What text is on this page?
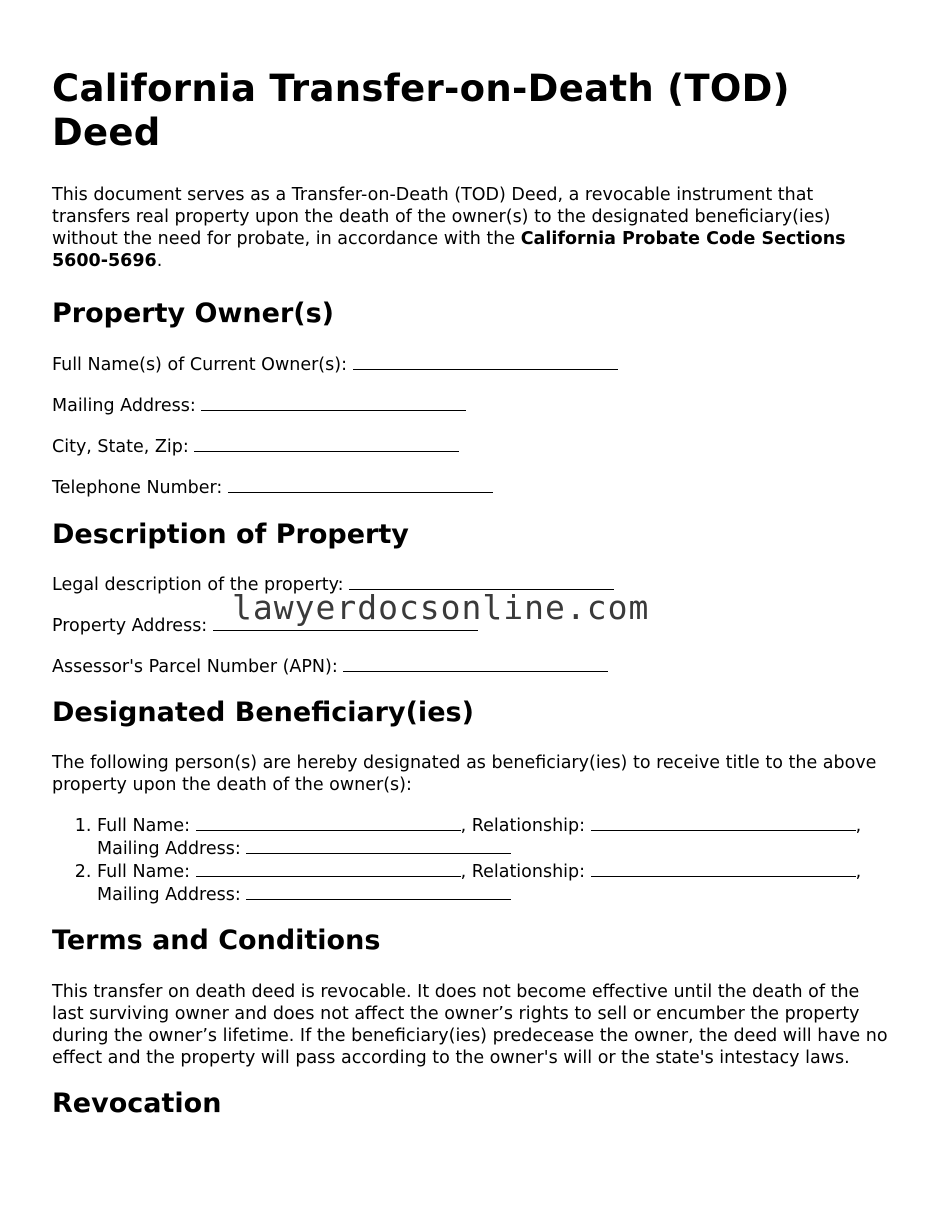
California Transfer-on-Death (TOD) Deed

This document serves as a Transfer-on-Death (TOD) Deed, a revocable instrument that transfers real property upon the death of the owner(s) to the designated beneficiary(ies) without the need for probate, in accordance with the California Probate Code Sections 5600-5696.

Property Owner(s)

Full Name(s) of Current Owner(s):

Mailing Address:

City, State, Zip:

Telephone Number:

Description of Property

Legal description of the property:

Property Address:

Assessor's Parcel Number (APN):

Designated Beneficiary(ies)

The following person(s) are hereby designated as beneficiary(ies) to receive title to the above property upon the death of the owner(s):

1. Full Name:	, Relationship:	, Mailing Address:
2. Full Name:	, Relationship:	, Mailing Address:
Terms and Conditions

This transfer on death deed is revocable. It does not become effective until the death of the last surviving owner and does not affect the owner’s rights to sell or encumber the property during the owner’s lifetime. If the beneficiary(ies) predecease the owner, the deed will have no effect and the property will pass according to the owner's will or the state's intestacy laws.

Revocation
lawyerdocsonline.com
